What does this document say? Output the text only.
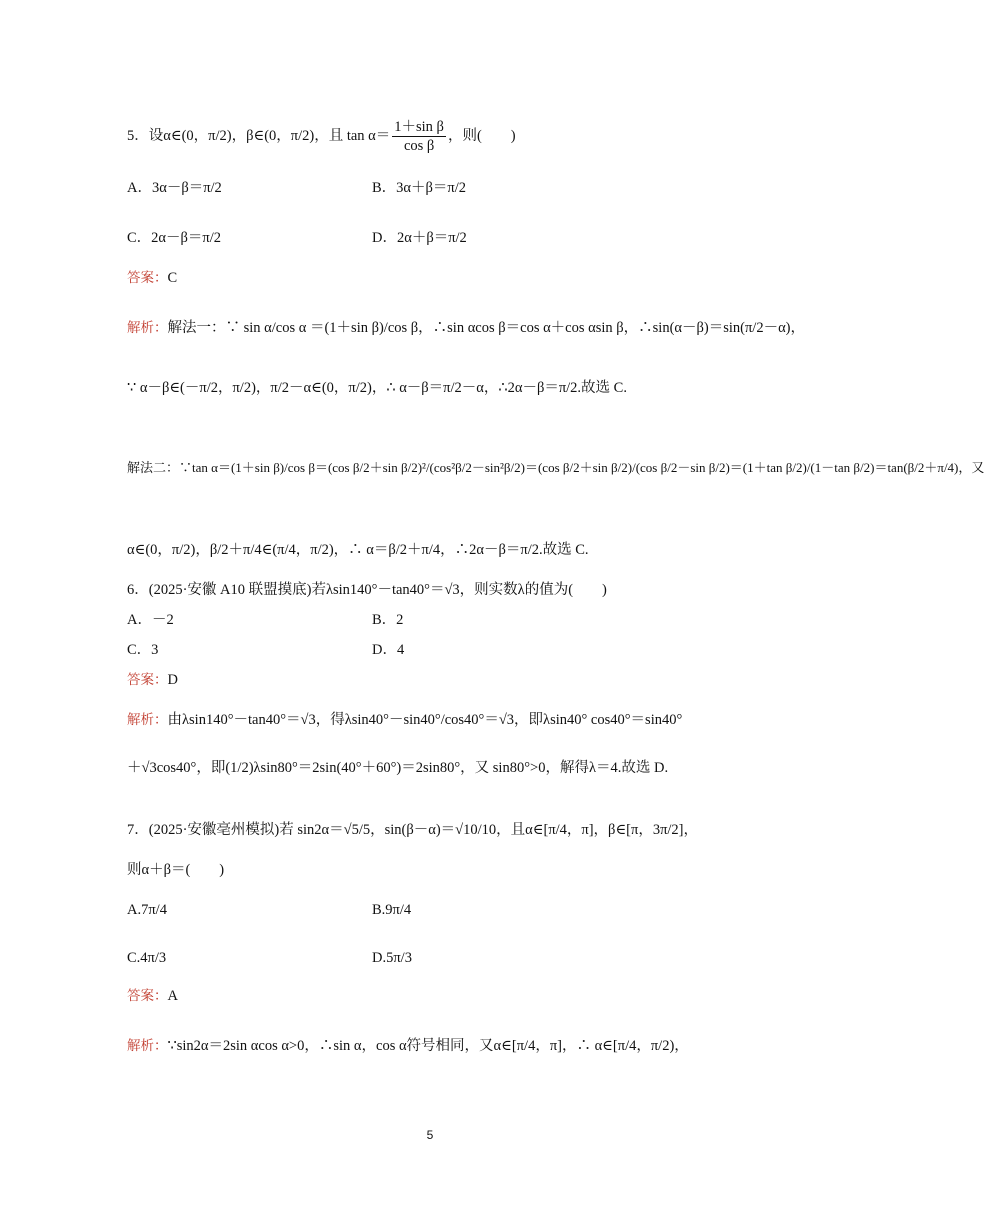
5．设α∈(0，π/2)，β∈(0，π/2)，且 $\tan \alpha= \frac{\text{1＋sin β}}{\text{cos β}}$ ，则(　　)
A．3α－β＝π/2	B．3α＋β＝π/2
C．2α－β＝π/2	D．2α＋β＝π/2
答案：C
解析：解法一：∵ sin α/cos α ＝(1＋sin β)/cos β，∴sin αcos β＝cos α＋cos αsin β，∴sin(α－β)＝sin(π/2－α)，
∵ α－β∈(－π/2，π/2)，π/2－α∈(0，π/2)，∴ α－β＝π/2－α，∴2α－β＝π/2.故选 C.
解法二：∵tan α＝(1＋sin β)/cos β＝(cos β/2＋sin β/2)²/(cos²β/2－sin²β/2)＝(cos β/2＋sin β/2)/(cos β/2－sin β/2)＝(1＋tan β/2)/(1－tan β/2)＝tan(β/2＋π/4)，又
α∈(0，π/2)，β/2＋π/4∈(π/4，π/2)，∴ α＝β/2＋π/4，∴2α－β＝π/2.故选 C.
6．(2025·安徽 A10 联盟摸底)若λsin140°－tan40°＝√3，则实数λ的值为(　　)
A．－2	B．2
C．3	D．4
答案：D
解析：由λsin140°－tan40°＝√3，得λsin40°－sin40°/cos40°＝√3，即λsin40° cos40°＝sin40°
＋√3cos40°，即(1/2)λsin80°＝2sin(40°＋60°)＝2sin80°，又 sin80°>0，解得λ＝4.故选 D.
7．(2025·安徽亳州模拟)若 sin2α＝√5/5，sin(β－α)＝√10/10，且α∈[π/4，π]，β∈[π，3π/2]，
则α＋β＝(　　)
A.7π/4	B.9π/4
C.4π/3	D.5π/3
答案：A
解析：∵sin2α＝2sin αcos α>0，∴sin α，cos α符号相同，又α∈[π/4，π]，∴ α∈[π/4，π/2)，
5
